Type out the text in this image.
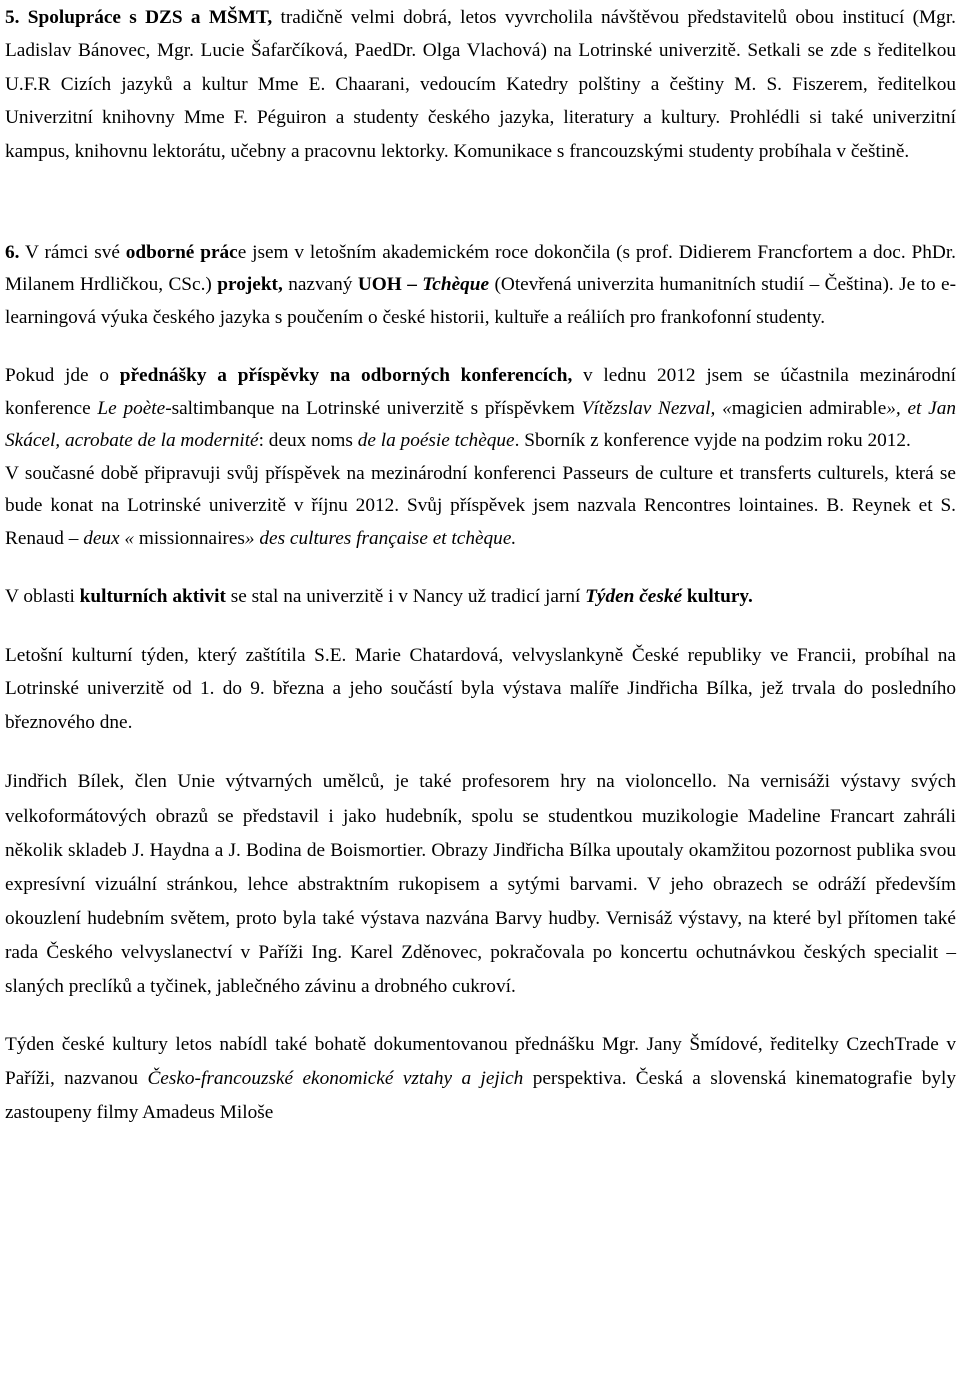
5. Spolupráce s DZS a MŠMT, tradičně velmi dobrá, letos vyvrcholila návštěvou představitelů obou institucí (Mgr. Ladislav Bánovec, Mgr. Lucie Šafarčíková, PaedDr. Olga Vlachová) na Lotrinské univerzitě. Setkali se zde s ředitelkou U.F.R Cizích jazyků a kultur Mme E. Chaarani, vedoucím Katedry polštiny a češtiny M. S. Fiszerem, ředitelkou Univerzitní knihovny Mme F. Péguiron a studenty českého jazyka, literatury a kultury. Prohlédli si také univerzitní kampus, knihovnu lektorátu, učebny a pracovnu lektorky. Komunikace s francouzskými studenty probíhala v češtině.

6. V rámci své odborné práce jsem v letošním akademickém roce dokončila (s prof. Didierem Francfortem a doc. PhDr. Milanem Hrdličkou, CSc.) projekt, nazvaný UOH – Tchèque (Otevřená univerzita humanitních studií – Čeština). Je to e-learningová výuka českého jazyka s poučením o české historii, kultuře a reáliích pro frankofonní studenty.

Pokud jde o přednášky a příspěvky na odborných konferencích, v lednu 2012 jsem se účastnila mezinárodní konference Le poète-saltimbanque na Lotrinské univerzitě s příspěvkem Vítězslav Nezval, «magicien admirable», et Jan Skácel, acrobate de la modernité: deux noms de la poésie tchèque. Sborník z konference vyjde na podzim roku 2012.

V současné době připravuji svůj příspěvek na mezinárodní konferenci Passeurs de culture et transferts culturels, která se bude konat na Lotrinské univerzitě v říjnu 2012. Svůj příspěvek jsem nazvala Rencontres lointaines. B. Reynek et S. Renaud – deux « missionnaires» des cultures française et tchèque.

V oblasti kulturních aktivit se stal na univerzitě i v Nancy už tradicí jarní Týden české kultury.

Letošní kulturní týden, který zaštítila S.E. Marie Chatardová, velvyslankyně České republiky ve Francii, probíhal na Lotrinské univerzitě od 1. do 9. března a jeho součástí byla výstava malíře Jindřicha Bílka, jež trvala do posledního březnového dne.

Jindřich Bílek, člen Unie výtvarných umělců, je také profesorem hry na violoncello. Na vernisáži výstavy svých velkoformátových obrazů se představil i jako hudebník, spolu se studentkou muzikologie Madeline Francart zahráli několik skladeb J. Haydna a J. Bodina de Boismortier. Obrazy Jindřicha Bílka upoutaly okamžitou pozornost publika svou expresívní vizuální stránkou, lehce abstraktním rukopisem a sytými barvami. V jeho obrazech se odráží především okouzlení hudebním světem, proto byla také výstava nazvána Barvy hudby. Vernisáž výstavy, na které byl přítomen také rada Českého velvyslanectví v Paříži Ing. Karel Zděnovec, pokračovala po koncertu ochutnávkou českých specialit – slaných preclíků a tyčinek, jablečného závinu a drobného cukroví.

Týden české kultury letos nabídl také bohatě dokumentovanou přednášku Mgr. Jany Šmídové, ředitelky CzechTrade v Paříži, nazvanou Česko-francouzské ekonomické vztahy a jejich perspektiva. Česká a slovenská kinematografie byly zastoupeny filmy Amadeus Miloše
